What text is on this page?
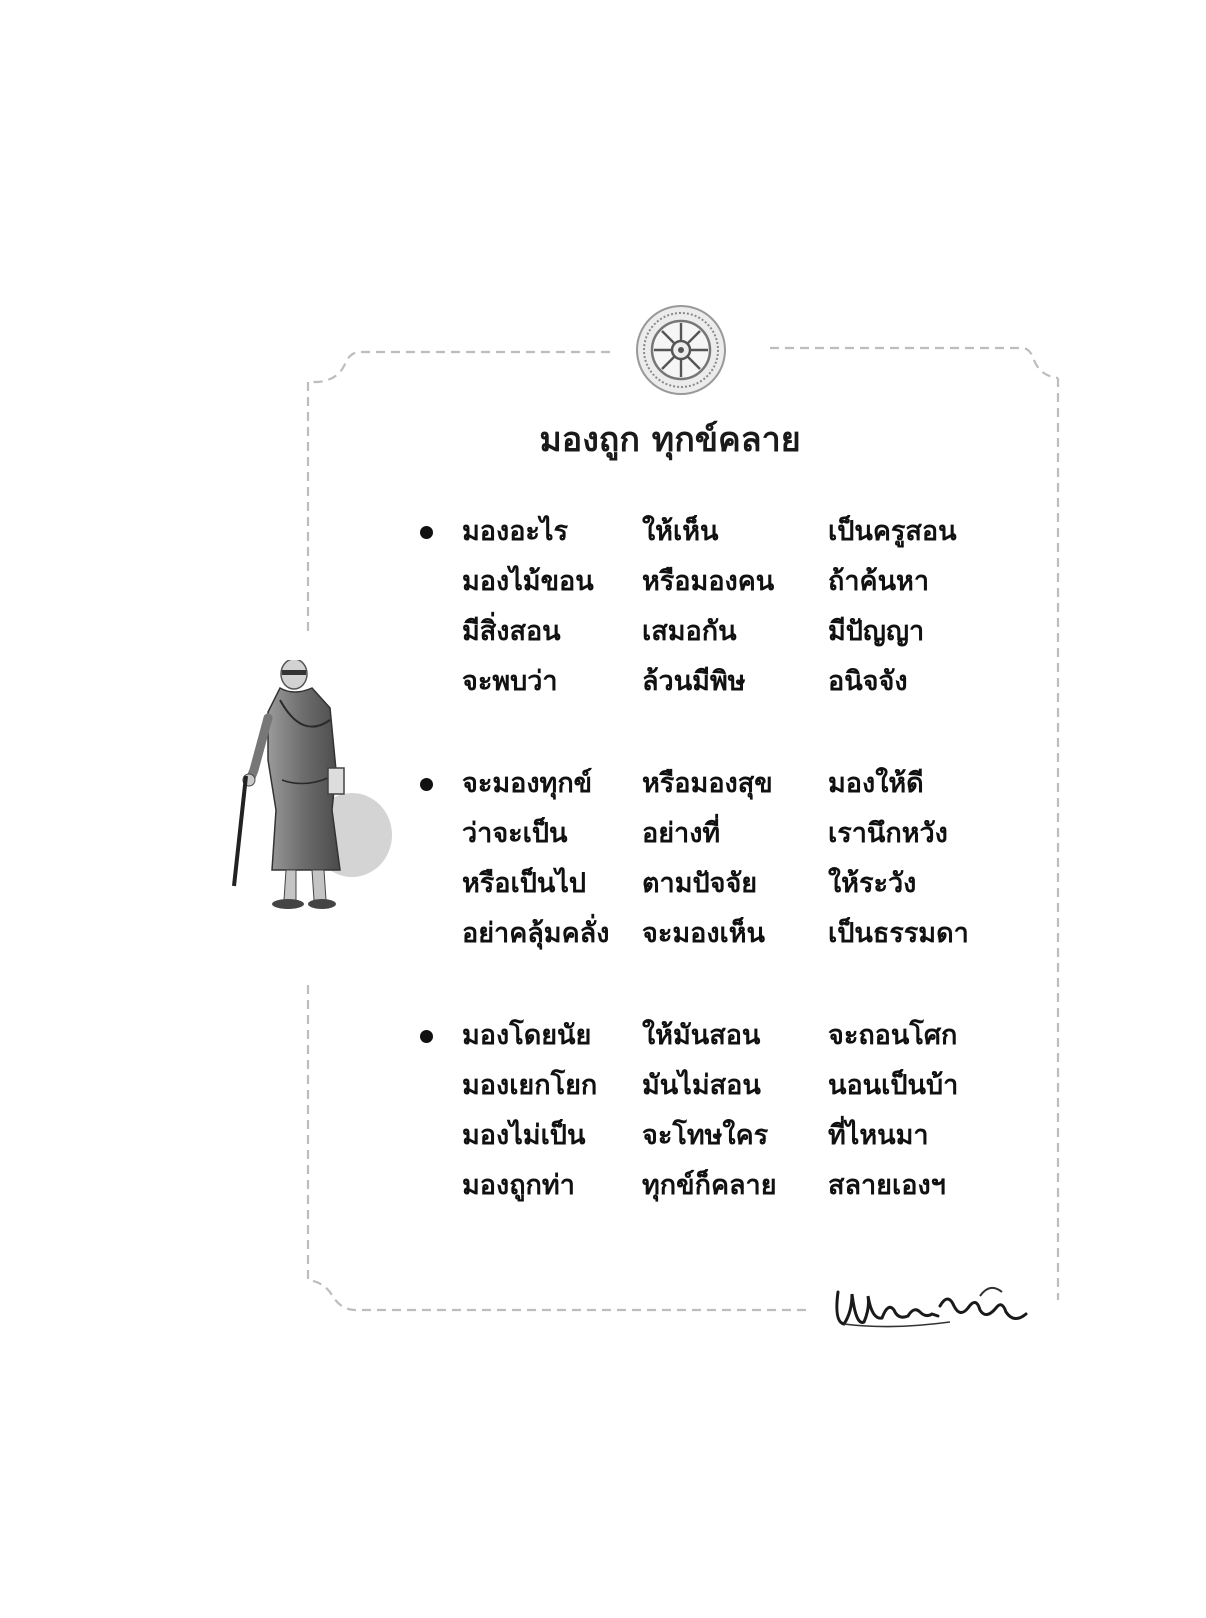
มองถูก ทุกข์คลาย
มองอะไร	ให้เห็น	เป็นครูสอน
มองไม้ขอน หรือมองคน ถ้าค้นหา
มีสิ่งสอน	เสมอกัน	มีปัญญา
จะพบว่า	ล้วนมีพิษ	อนิจจัง
จะมองทุกข์ หรือมองสุข มองให้ดี
ว่าจะเป็น	อย่างที่	เรานึกหวัง
หรือเป็นไป ตามปัจจัย	ให้ระวัง
อย่าคลุ้มคลั่ง จะมองเห็น เป็นธรรมดา
มองโดยนัย ให้มันสอน	จะถอนโศก
มองเยกโยก มันไม่สอน นอนเป็นบ้า
มองไม่เป็น จะโทษใคร ที่ไหนมา
มองถูกท่า ทุกข์ก็คลาย สลายเองฯ
